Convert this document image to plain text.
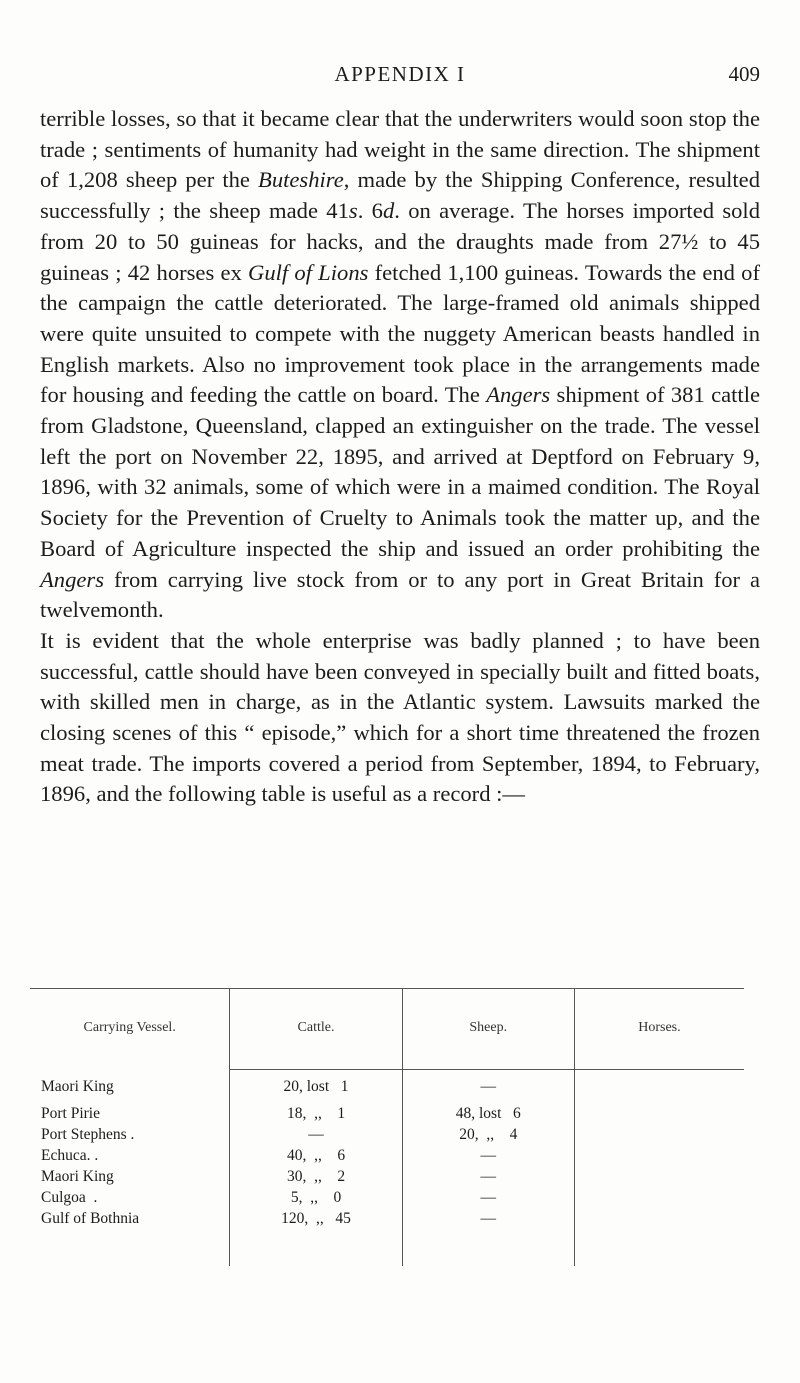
APPENDIX I	409

terrible losses, so that it became clear that the underwriters would soon stop the trade ; sentiments of humanity had weight in the same direction. The shipment of 1,208 sheep per the Buteshire, made by the Shipping Conference, resulted successfully ; the sheep made 41s. 6d. on average. The horses imported sold from 20 to 50 guineas for hacks, and the draughts made from 27½ to 45 guineas ; 42 horses ex Gulf of Lions fetched 1,100 guineas. Towards the end of the campaign the cattle deteriorated. The large-framed old animals shipped were quite unsuited to compete with the nuggety American beasts handled in English markets. Also no improvement took place in the arrangements made for housing and feeding the cattle on board. The Angers shipment of 381 cattle from Gladstone, Queensland, clapped an extinguisher on the trade. The vessel left the port on November 22, 1895, and arrived at Deptford on February 9, 1896, with 32 animals, some of which were in a maimed condition. The Royal Society for the Prevention of Cruelty to Animals took the matter up, and the Board of Agriculture inspected the ship and issued an order prohibiting the Angers from carrying live stock from or to any port in Great Britain for a twelvemonth.

It is evident that the whole enterprise was badly planned ; to have been successful, cattle should have been conveyed in specially built and fitted boats, with skilled men in charge, as in the Atlantic system. Lawsuits marked the closing scenes of this “ episode,” which for a short time threatened the frozen meat trade. The imports covered a period from September, 1894, to February, 1896, and the following table is useful as a record :—

Carrying Vessel.	Cattle.	Sheep.	Horses.

Maori King	20, lost   1	—	
Port Pirie	18,  ,,    1	48, lost   6	
Port Stephens .	—	20,  ,,    4	
Echuca. .	40,  ,,    6	—	
Maori King	30,  ,,    2	—	
Culgoa  .	5,  ,,    0	—	
Gulf of Bothnia	120,  ,,   45	—	
